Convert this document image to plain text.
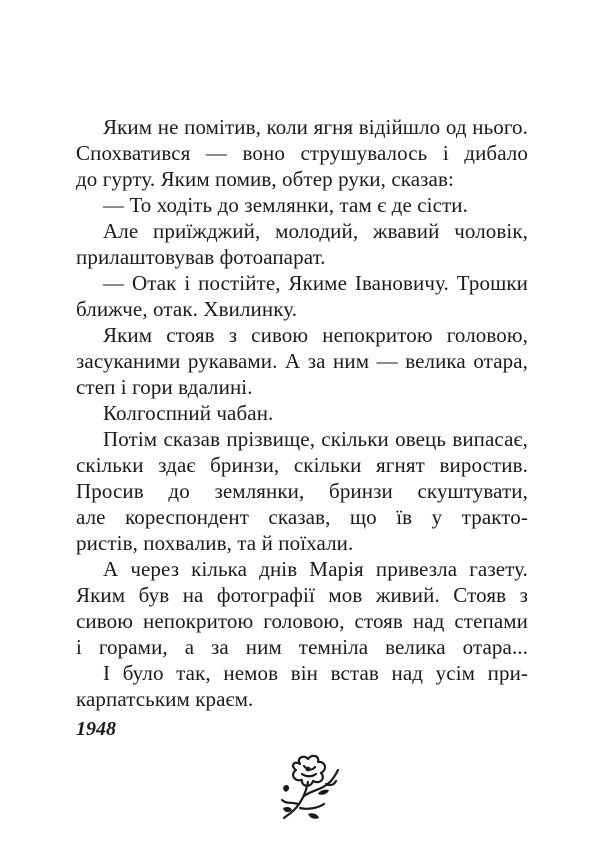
Яким не помітив, коли ягня відійшло од нього.
Спохватився — воно струшувалось і дибало
до гурту. Яким помив, обтер руки, сказав:
— То ходіть до землянки, там є де сісти.
Але приїжджий, молодий, жвавий чоловік,
прилаштовував фотоапарат.
— Отак і постійте, Якиме Івановичу. Трошки
ближче, отак. Хвилинку.
Яким стояв з сивою непокритою головою,
засуканими рукавами. А за ним — велика отара,
степ і гори вдалині.
Колгоспний чабан.
Потім сказав прізвище, скільки овець випасає,
скільки здає бринзи, скільки ягнят виростив.
Просив до землянки, бринзи скуштувати,
але кореспондент сказав, що їв у тракто-
ристів, похвалив, та й поїхали.
А через кілька днів Марія привезла газету.
Яким був на фотографії мов живий. Стояв з
сивою непокритою головою, стояв над степами
і горами, а за ним темніла велика отара...
І було так, немов він встав над усім при-
карпатським краєм.
1948
